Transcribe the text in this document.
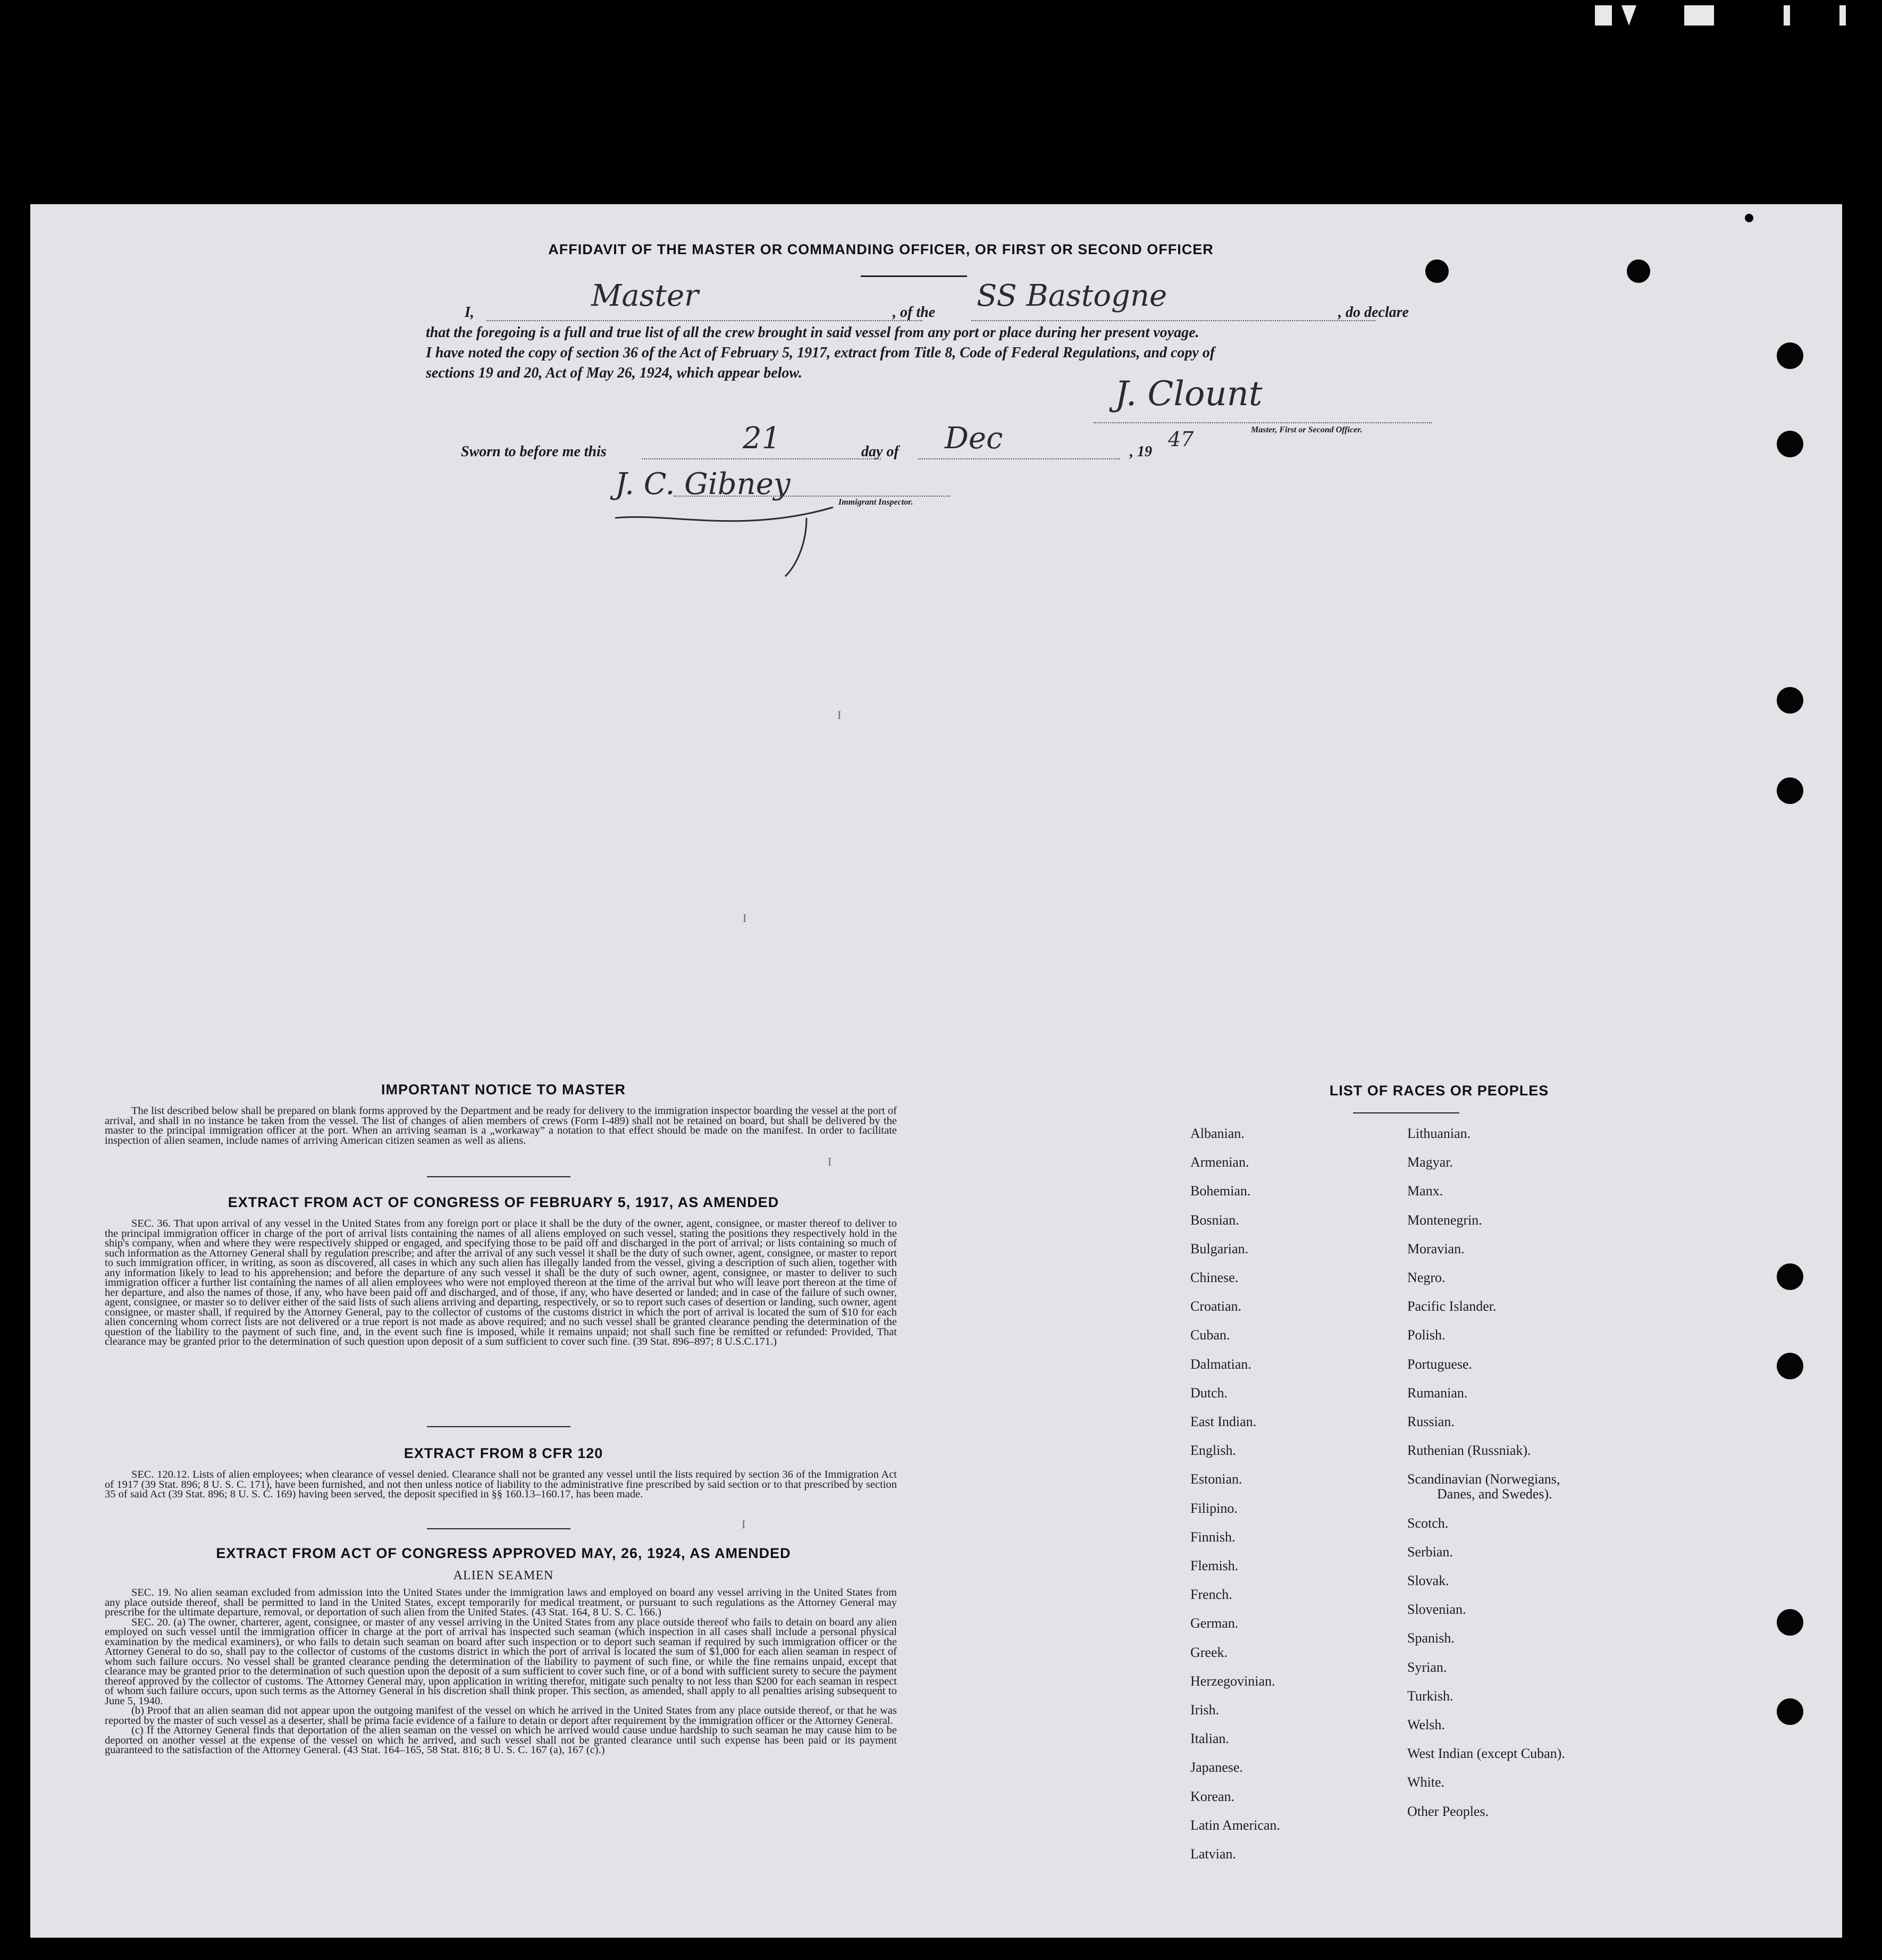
AFFIDAVIT OF THE MASTER OR COMMANDING OFFICER, OR FIRST OR SECOND OFFICER
I,	Master	, of the SS Bastogne	, do declare
that the foregoing is a full and true list of all the crew brought in said vessel from any port or place during her present voyage.
I have noted the copy of section 36 of the Act of February 5, 1917, extract from Title 8, Code of Federal Regulations, and copy of
sections 19 and 20, Act of May 26, 1924, which appear below.
J. Clount
Master, First or Second Officer.
Sworn to before me this	21	day of Dec	, 19
47
J. C. Gibney
Immigrant Inspector.
I
I
I
I
IMPORTANT NOTICE TO MASTER

The list described below shall be prepared on blank forms approved by the Department and be ready for delivery to the immigration inspector boarding the vessel at the port of arrival, and shall in no instance be taken from the vessel. The list of changes of alien members of crews (Form I-489) shall not be retained on board, but shall be delivered by the master to the principal immigration officer at the port. When an arriving seaman is a „workaway” a notation to that effect should be made on the manifest. In order to facilitate inspection of alien seamen, include names of arriving American citizen seamen as well as aliens.

EXTRACT FROM ACT OF CONGRESS OF FEBRUARY 5, 1917, AS AMENDED

SEC. 36. That upon arrival of any vessel in the United States from any foreign port or place it shall be the duty of the owner, agent, consignee, or master thereof to deliver to the principal immigration officer in charge of the port of arrival lists containing the names of all aliens employed on such vessel, stating the positions they respectively hold in the ship's company, when and where they were respectively shipped or engaged, and specifying those to be paid off and discharged in the port of arrival; or lists containing so much of such information as the Attorney General shall by regulation prescribe; and after the arrival of any such vessel it shall be the duty of such owner, agent, consignee, or master to report to such immigration officer, in writing, as soon as discovered, all cases in which any such alien has illegally landed from the vessel, giving a description of such alien, together with any information likely to lead to his apprehension; and before the departure of any such vessel it shall be the duty of such owner, agent, consignee, or master to deliver to such immigration officer a further list containing the names of all alien employees who were not employed thereon at the time of the arrival but who will leave port thereon at the time of her departure, and also the names of those, if any, who have been paid off and discharged, and of those, if any, who have deserted or landed; and in case of the failure of such owner, agent, consignee, or master so to deliver either of the said lists of such aliens arriving and departing, respectively, or so to report such cases of desertion or landing, such owner, agent consignee, or master shall, if required by the Attorney General, pay to the collector of customs of the customs district in which the port of arrival is located the sum of $10 for each alien concerning whom correct lists are not delivered or a true report is not made as above required; and no such vessel shall be granted clearance pending the determination of the question of the liability to the payment of such fine, and, in the event such fine is imposed, while it remains unpaid; not shall such fine be remitted or refunded: Provided, That clearance may be granted prior to the determination of such question upon deposit of a sum sufficient to cover such fine. (39 Stat. 896–897; 8 U.S.C.171.)

EXTRACT FROM 8 CFR 120

SEC. 120.12. Lists of alien employees; when clearance of vessel denied. Clearance shall not be granted any vessel until the lists required by section 36 of the Immigration Act of 1917 (39 Stat. 896; 8 U. S. C. 171), have been furnished, and not then unless notice of liability to the administrative fine prescribed by said section or to that prescribed by section 35 of said Act (39 Stat. 896; 8 U. S. C. 169) having been served, the deposit specified in §§ 160.13–160.17, has been made.

EXTRACT FROM ACT OF CONGRESS APPROVED MAY, 26, 1924, AS AMENDED
ALIEN SEAMEN

SEC. 19. No alien seaman excluded from admission into the United States under the immigration laws and employed on board any vessel arriving in the United States from any place outside thereof, shall be permitted to land in the United States, except temporarily for medical treatment, or pursuant to such regulations as the Attorney General may prescribe for the ultimate departure, removal, or deportation of such alien from the United States. (43 Stat. 164, 8 U. S. C. 166.)

SEC. 20. (a) The owner, charterer, agent, consignee, or master of any vessel arriving in the United States from any place outside thereof who fails to detain on board any alien employed on such vessel until the immigration officer in charge at the port of arrival has inspected such seaman (which inspection in all cases shall include a personal physical examination by the medical examiners), or who fails to detain such seaman on board after such inspection or to deport such seaman if required by such immigration officer or the Attorney General to do so, shall pay to the collector of customs of the customs district in which the port of arrival is located the sum of $1,000 for each alien seaman in respect of whom such failure occurs. No vessel shall be granted clearance pending the determination of the liability to payment of such fine, or while the fine remains unpaid, except that clearance may be granted prior to the determination of such question upon the deposit of a sum sufficient to cover such fine, or of a bond with sufficient surety to secure the payment thereof approved by the collector of customs. The Attorney General may, upon application in writing therefor, mitigate such penalty to not less than $200 for each seaman in respect of whom such failure occurs, upon such terms as the Attorney General in his discretion shall think proper. This section, as amended, shall apply to all penalties arising subsequent to June 5, 1940.

(b) Proof that an alien seaman did not appear upon the outgoing manifest of the vessel on which he arrived in the United States from any place outside thereof, or that he was reported by the master of such vessel as a deserter, shall be prima facie evidence of a failure to detain or deport after requirement by the immigration officer or the Attorney General.

(c) If the Attorney General finds that deportation of the alien seaman on the vessel on which he arrived would cause undue hardship to such seaman he may cause him to be deported on another vessel at the expense of the vessel on which he arrived, and such vessel shall not be granted clearance until such expense has been paid or its payment guaranteed to the satisfaction of the Attorney General. (43 Stat. 164–165, 58 Stat. 816; 8 U. S. C. 167 (a), 167 (c).)

LIST OF RACES OR PEOPLES
Albanian.
Armenian.
Bohemian.
Bosnian.
Bulgarian.
Chinese.
Croatian.
Cuban.
Dalmatian.
Dutch.
East Indian.
English.
Estonian.
Filipino.
Finnish.
Flemish.
French.
German.
Greek.
Herzegovinian.
Irish.
Italian.
Japanese.
Korean.
Latin American.
Latvian.
Lithuanian.
Magyar.
Manx.
Montenegrin.
Moravian.
Negro.
Pacific Islander.
Polish.
Portuguese.
Rumanian.
Russian.
Ruthenian (Russniak).
Scandinavian (Norwegians,
Danes, and Swedes).
Scotch.
Serbian.
Slovak.
Slovenian.
Spanish.
Syrian.
Turkish.
Welsh.
West Indian (except Cuban).
White.
Other Peoples.
